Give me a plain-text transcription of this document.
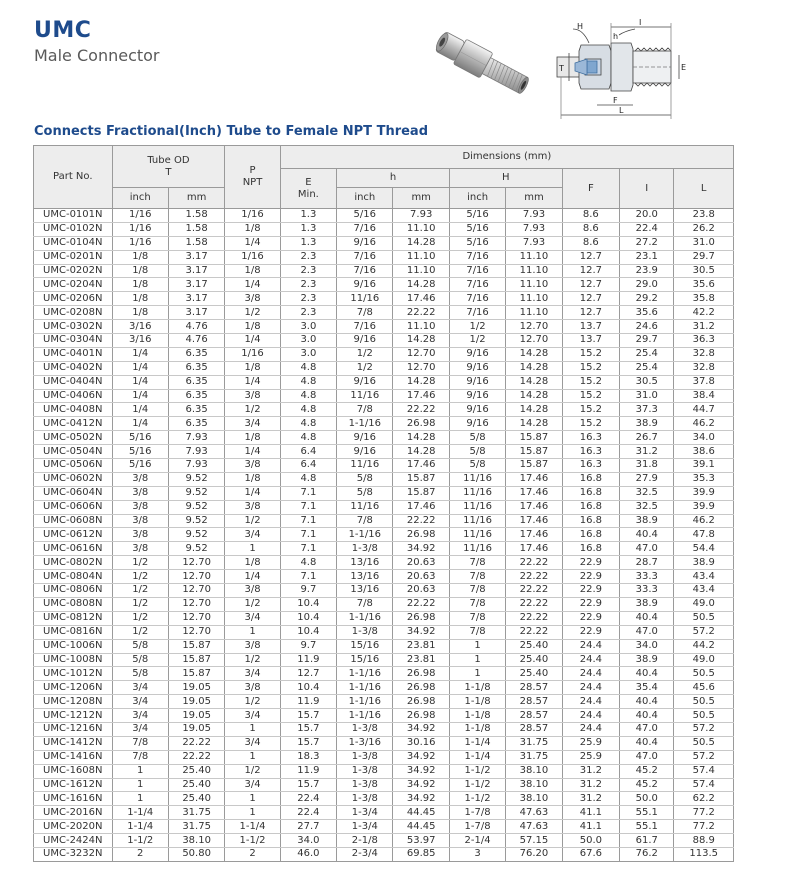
UMC
Male Connector
H
h
I
T	E
F
L
Connects Fractional(Inch) Tube to Female NPT Thread
Part No.	Tube OD
T		P
NPT	Dimensions (mm)							
				E
Min.	h		H		F	I	L
	inch	mm			inch	mm	inch	mm			
UMC-0101N	1/16	1.58	1/16	1.3	5/16	7.93	5/16	7.93	8.6	20.0	23.8
UMC-0102N	1/16	1.58	1/8	1.3	7/16	11.10	5/16	7.93	8.6	22.4	26.2
UMC-0104N	1/16	1.58	1/4	1.3	9/16	14.28	5/16	7.93	8.6	27.2	31.0
UMC-0201N	1/8	3.17	1/16	2.3	7/16	11.10	7/16	11.10	12.7	23.1	29.7
UMC-0202N	1/8	3.17	1/8	2.3	7/16	11.10	7/16	11.10	12.7	23.9	30.5
UMC-0204N	1/8	3.17	1/4	2.3	9/16	14.28	7/16	11.10	12.7	29.0	35.6
UMC-0206N	1/8	3.17	3/8	2.3	11/16	17.46	7/16	11.10	12.7	29.2	35.8
UMC-0208N	1/8	3.17	1/2	2.3	7/8	22.22	7/16	11.10	12.7	35.6	42.2
UMC-0302N	3/16	4.76	1/8	3.0	7/16	11.10	1/2	12.70	13.7	24.6	31.2
UMC-0304N	3/16	4.76	1/4	3.0	9/16	14.28	1/2	12.70	13.7	29.7	36.3
UMC-0401N	1/4	6.35	1/16	3.0	1/2	12.70	9/16	14.28	15.2	25.4	32.8
UMC-0402N	1/4	6.35	1/8	4.8	1/2	12.70	9/16	14.28	15.2	25.4	32.8
UMC-0404N	1/4	6.35	1/4	4.8	9/16	14.28	9/16	14.28	15.2	30.5	37.8
UMC-0406N	1/4	6.35	3/8	4.8	11/16	17.46	9/16	14.28	15.2	31.0	38.4
UMC-0408N	1/4	6.35	1/2	4.8	7/8	22.22	9/16	14.28	15.2	37.3	44.7
UMC-0412N	1/4	6.35	3/4	4.8	1-1/16	26.98	9/16	14.28	15.2	38.9	46.2
UMC-0502N	5/16	7.93	1/8	4.8	9/16	14.28	5/8	15.87	16.3	26.7	34.0
UMC-0504N	5/16	7.93	1/4	6.4	9/16	14.28	5/8	15.87	16.3	31.2	38.6
UMC-0506N	5/16	7.93	3/8	6.4	11/16	17.46	5/8	15.87	16.3	31.8	39.1
UMC-0602N	3/8	9.52	1/8	4.8	5/8	15.87	11/16	17.46	16.8	27.9	35.3
UMC-0604N	3/8	9.52	1/4	7.1	5/8	15.87	11/16	17.46	16.8	32.5	39.9
UMC-0606N	3/8	9.52	3/8	7.1	11/16	17.46	11/16	17.46	16.8	32.5	39.9
UMC-0608N	3/8	9.52	1/2	7.1	7/8	22.22	11/16	17.46	16.8	38.9	46.2
UMC-0612N	3/8	9.52	3/4	7.1	1-1/16	26.98	11/16	17.46	16.8	40.4	47.8
UMC-0616N	3/8	9.52	1	7.1	1-3/8	34.92	11/16	17.46	16.8	47.0	54.4
UMC-0802N	1/2	12.70	1/8	4.8	13/16	20.63	7/8	22.22	22.9	28.7	38.9
UMC-0804N	1/2	12.70	1/4	7.1	13/16	20.63	7/8	22.22	22.9	33.3	43.4
UMC-0806N	1/2	12.70	3/8	9.7	13/16	20.63	7/8	22.22	22.9	33.3	43.4
UMC-0808N	1/2	12.70	1/2	10.4	7/8	22.22	7/8	22.22	22.9	38.9	49.0
UMC-0812N	1/2	12.70	3/4	10.4	1-1/16	26.98	7/8	22.22	22.9	40.4	50.5
UMC-0816N	1/2	12.70	1	10.4	1-3/8	34.92	7/8	22.22	22.9	47.0	57.2
UMC-1006N	5/8	15.87	3/8	9.7	15/16	23.81	1	25.40	24.4	34.0	44.2
UMC-1008N	5/8	15.87	1/2	11.9	15/16	23.81	1	25.40	24.4	38.9	49.0
UMC-1012N	5/8	15.87	3/4	12.7	1-1/16	26.98	1	25.40	24.4	40.4	50.5
UMC-1206N	3/4	19.05	3/8	10.4	1-1/16	26.98	1-1/8	28.57	24.4	35.4	45.6
UMC-1208N	3/4	19.05	1/2	11.9	1-1/16	26.98	1-1/8	28.57	24.4	40.4	50.5
UMC-1212N	3/4	19.05	3/4	15.7	1-1/16	26.98	1-1/8	28.57	24.4	40.4	50.5
UMC-1216N	3/4	19.05	1	15.7	1-3/8	34.92	1-1/8	28.57	24.4	47.0	57.2
UMC-1412N	7/8	22.22	3/4	15.7	1-3/16	30.16	1-1/4	31.75	25.9	40.4	50.5
UMC-1416N	7/8	22.22	1	18.3	1-3/8	34.92	1-1/4	31.75	25.9	47.0	57.2
UMC-1608N	1	25.40	1/2	11.9	1-3/8	34.92	1-1/2	38.10	31.2	45.2	57.4
UMC-1612N	1	25.40	3/4	15.7	1-3/8	34.92	1-1/2	38.10	31.2	45.2	57.4
UMC-1616N	1	25.40	1	22.4	1-3/8	34.92	1-1/2	38.10	31.2	50.0	62.2
UMC-2016N	1-1/4	31.75	1	22.4	1-3/4	44.45	1-7/8	47.63	41.1	55.1	77.2
UMC-2020N	1-1/4	31.75	1-1/4	27.7	1-3/4	44.45	1-7/8	47.63	41.1	55.1	77.2
UMC-2424N	1-1/2	38.10	1-1/2	34.0	2-1/8	53.97	2-1/4	57.15	50.0	61.7	88.9
UMC-3232N	2	50.80	2	46.0	2-3/4	69.85	3	76.20	67.6	76.2	113.5
